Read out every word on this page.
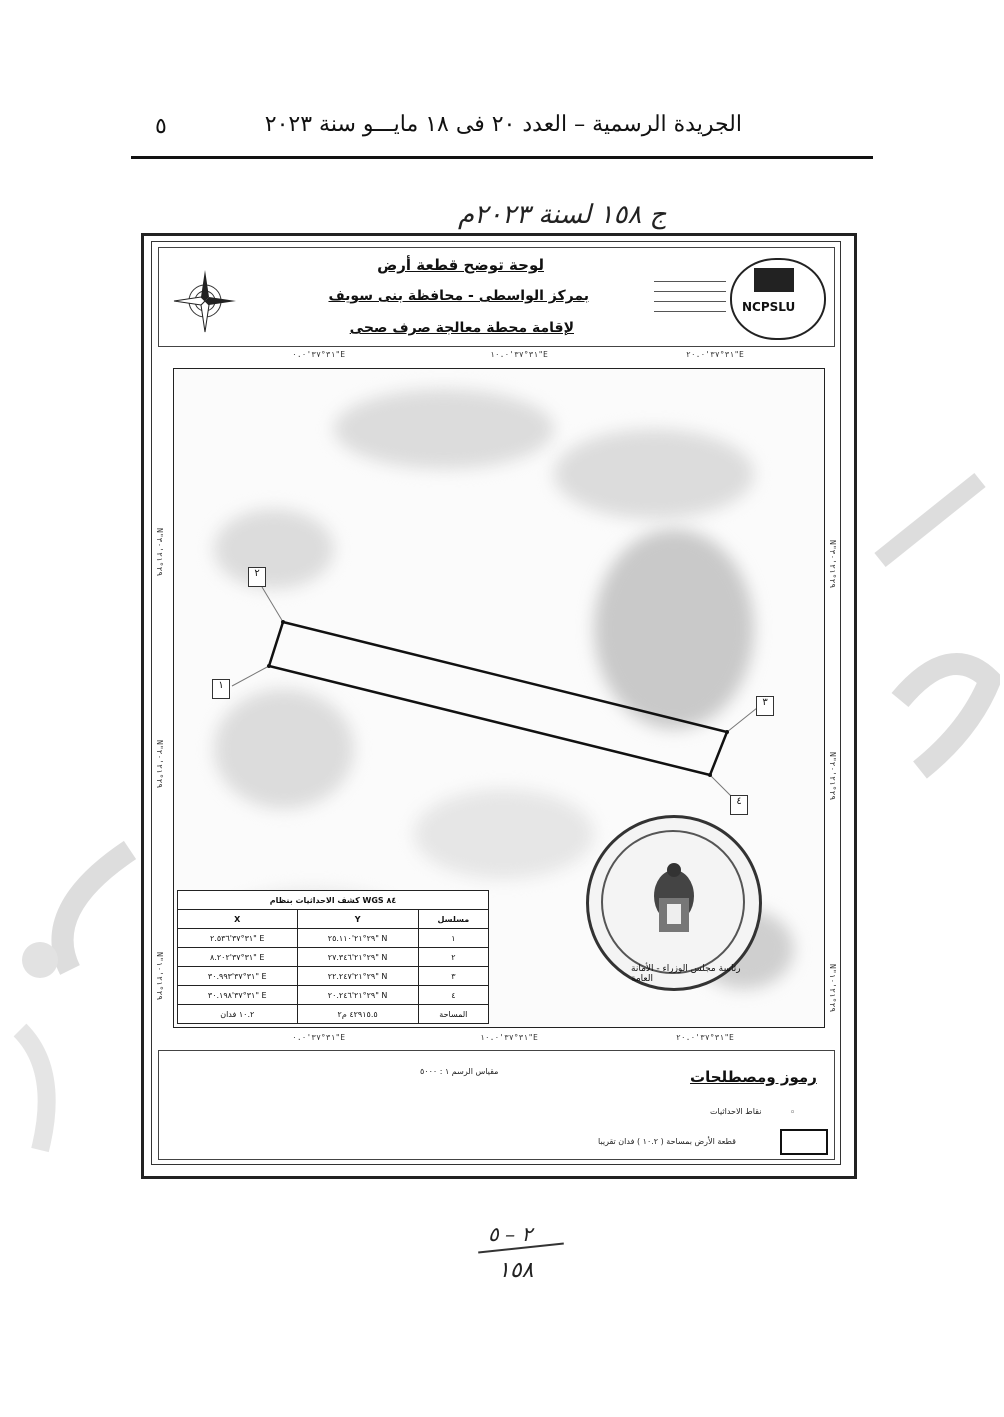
الجريدة الرسمية – العدد ٢٠ فى ١٨ مايـــو سنة ٢٠٢٣
٥
ج ١٥٨ لسنة ٢٠٢٣م
لوحة توضح قطعة أرض
بمركز الواسطى - محافظة بنى سويف
لإقامة محطة معالجة صرف صحى
NCPSLU
٣١°٣٧'٠.٠"E	٣١°٣٧'١٠.٠"E	٣١°٣٧'٢٠.٠"E
٣١°٣٧'٠.٠"E	٣١°٣٧'١٠.٠"E	٣١°٣٧'٢٠.٠"E
N"٢٩°٢١'٣٠
N"٢٩°٢١'٢٠
N"٢٩°٢١'١٠
N"٢٩°٢١'٣٠
N"٢٩°٢١'٢٠
N"٢٩°٢١'١٠
٢
١
٣
٤
رئاسة مجلس الوزراء - الأمانة العامة
كشف الاحداثيات بنظام WGS ٨٤		
X	Y	مسلسل
٣١°٣٧'٢.٥٣٦" E	٢٩°٢١'٢٥.١١٠" N	١
٣١°٣٧'٨.٢٠٢" E	٢٩°٢١'٢٧.٣٤٦" N	٢
٣١°٣٧'٣٠.٩٩٣" E	٢٩°٢١'٢٢.٢٤٧" N	٣
٣١°٣٧'٣٠.١٩٨" E	٢٩°٢١'٢٠.٢٤٦" N	٤
١٠.٢ فدان	٤٢٩١٥.٥ م٢	المساحة
رموز ومصطلحات
مقياس الرسم ١ : ٥٠٠٠
نقاط الاحداثيات	◦
قطعة الأرض بمساحة ( ١٠.٢ ) فدان تقريبا
٢ – ٥
١٥٨
